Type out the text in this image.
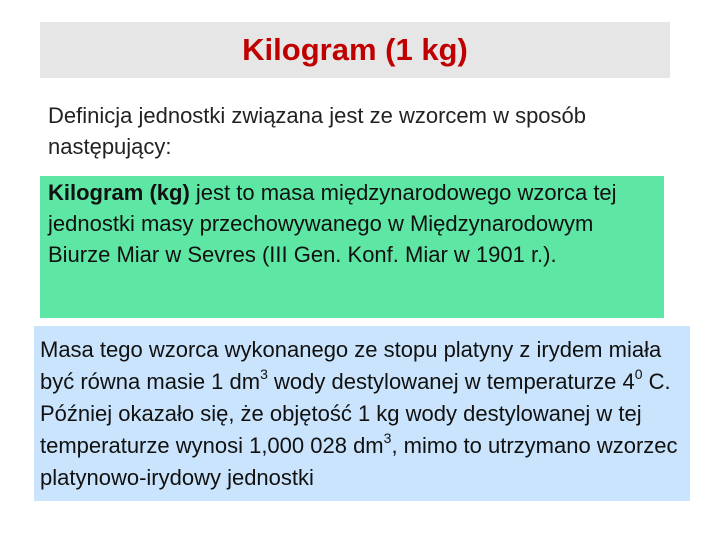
Kilogram (1 kg)
Definicja jednostki związana jest ze wzorcem w sposób następujący:

Kilogram (kg) jest to masa międzynarodowego wzorca tej jednostki masy przechowywanego w Międzynarodowym Biurze Miar w Sevres (III Gen. Konf. Miar w 1901 r.).

Masa tego wzorca wykonanego ze stopu platyny z irydem miała być równa masie 1 $dm^3$ wody destylowanej w temperaturze $4^0$ C. Później okazało się, że objętość 1 kg wody destylowanej w tej temperaturze wynosi 1,000 028 $dm^3$, mimo to utrzymano wzorzec platynowo-irydowy jednostki
